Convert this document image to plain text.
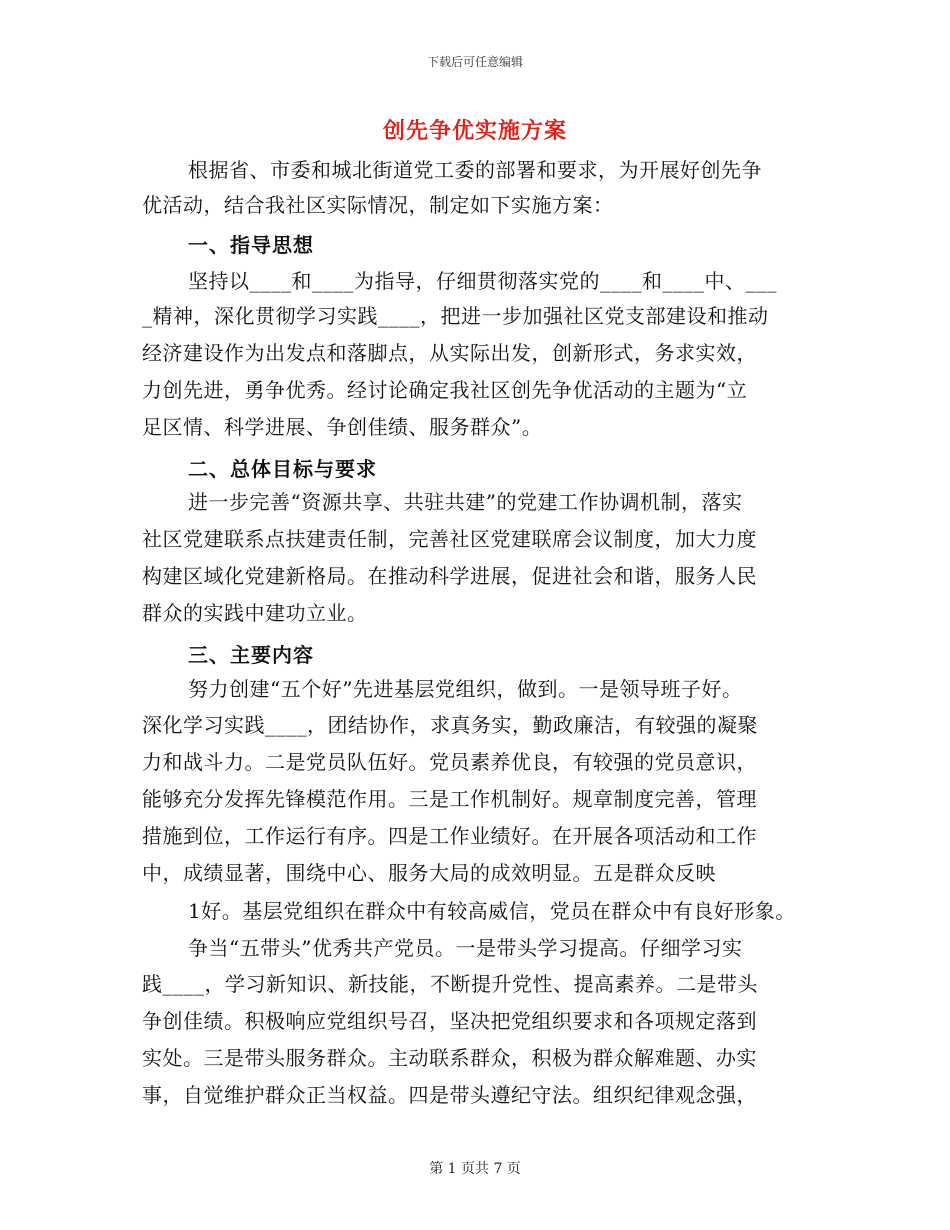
下载后可任意编辑
创先争优实施方案
根据省、市委和城北街道党工委的部署和要求，为开展好创先争
优活动，结合我社区实际情况，制定如下实施方案：
一、指导思想
坚持以____和____为指导，仔细贯彻落实党的____和____中、___
_精神，深化贯彻学习实践____，把进一步加强社区党支部建设和推动
经济建设作为出发点和落脚点，从实际出发，创新形式，务求实效，
力创先进，勇争优秀。经讨论确定我社区创先争优活动的主题为“立
足区情、科学进展、争创佳绩、服务群众”。
二、总体目标与要求
进一步完善“资源共享、共驻共建”的党建工作协调机制，落实
社区党建联系点扶建责任制，完善社区党建联席会议制度，加大力度
构建区域化党建新格局。在推动科学进展，促进社会和谐，服务人民
群众的实践中建功立业。
三、主要内容
努力创建“五个好”先进基层党组织，做到。一是领导班子好。
深化学习实践____，团结协作，求真务实，勤政廉洁，有较强的凝聚
力和战斗力。二是党员队伍好。党员素养优良，有较强的党员意识，
能够充分发挥先锋模范作用。三是工作机制好。规章制度完善，管理
措施到位，工作运行有序。四是工作业绩好。在开展各项活动和工作
中，成绩显著，围绕中心、服务大局的成效明显。五是群众反映
1好。基层党组织在群众中有较高威信，党员在群众中有良好形象。
争当“五带头”优秀共产党员。一是带头学习提高。仔细学习实
践____，学习新知识、新技能，不断提升党性、提高素养。二是带头
争创佳绩。积极响应党组织号召，坚决把党组织要求和各项规定落到
实处。三是带头服务群众。主动联系群众，积极为群众解难题、办实
事，自觉维护群众正当权益。四是带头遵纪守法。组织纪律观念强，
第 1 页共 7 页
